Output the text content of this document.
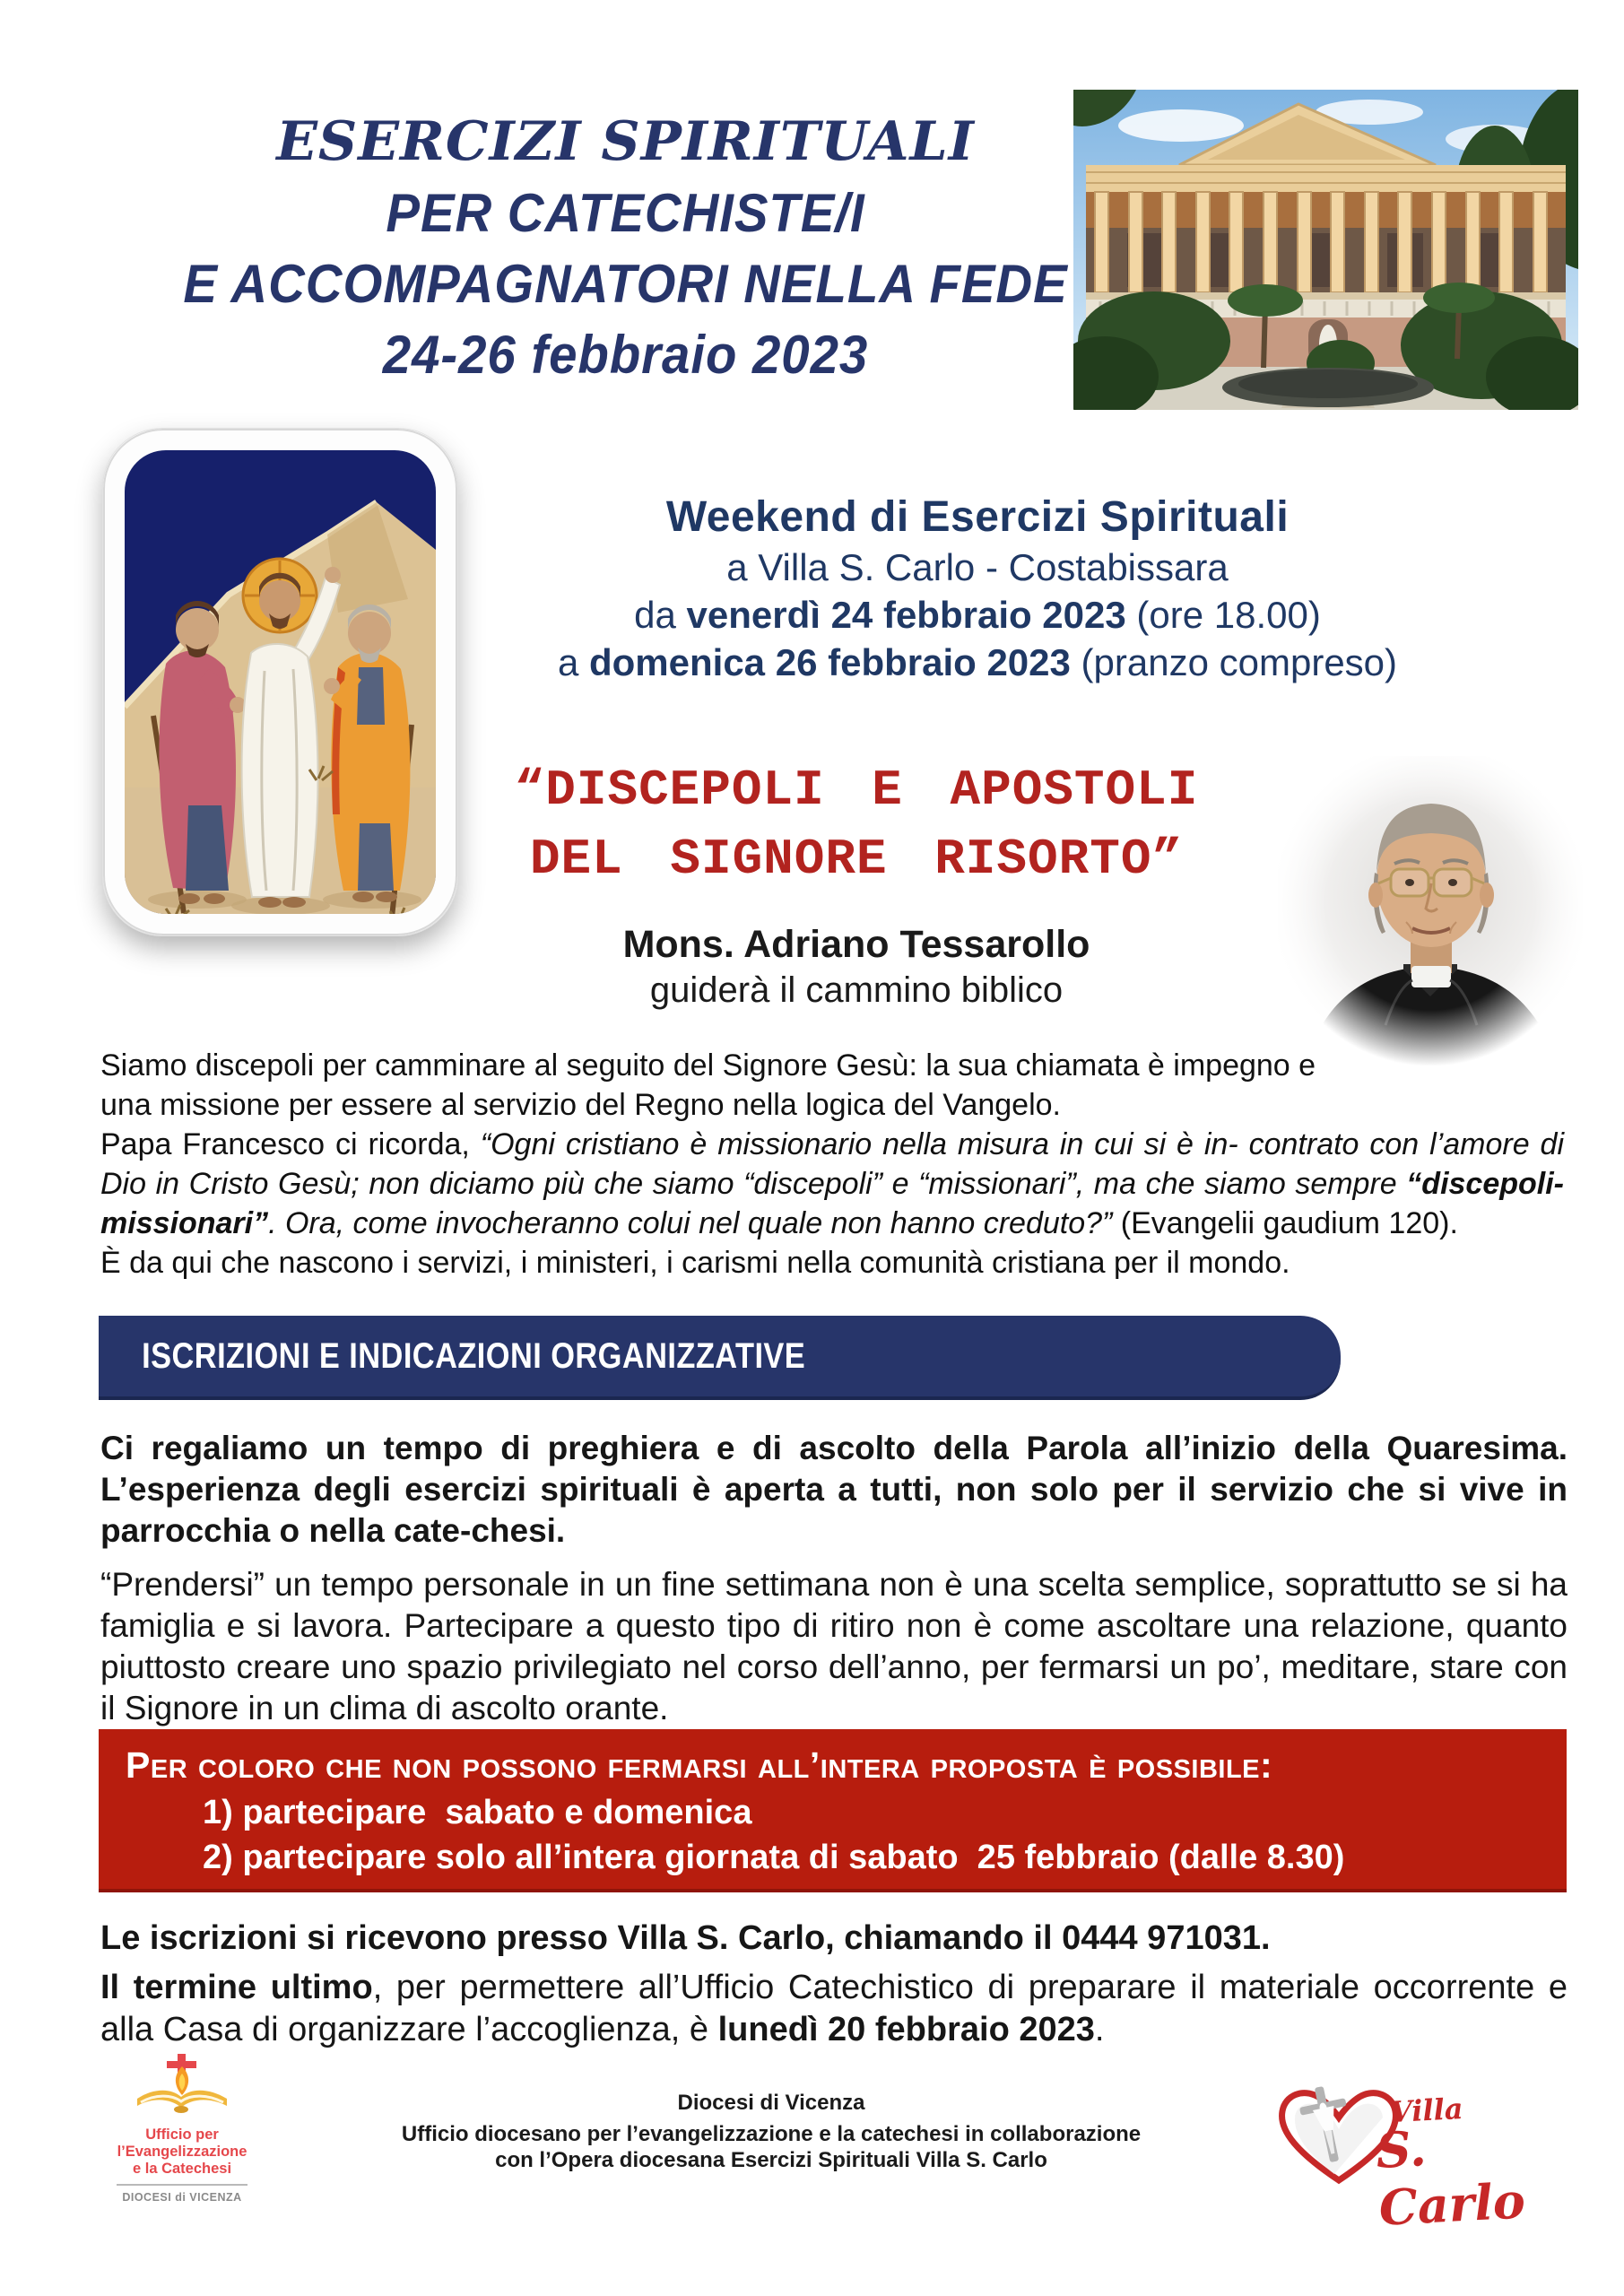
ESERCIZI SPIRITUALI
PER CATECHISTE/I
E ACCOMPAGNATORI NELLA FEDE
24-26 febbraio 2023
Weekend di Esercizi Spirituali
a Villa S. Carlo - Costabissara
da venerdì 24 febbraio 2023 (ore 18.00)
a domenica 26 febbraio 2023 (pranzo compreso)
“DISCEPOLI E APOSTOLI
DEL SIGNORE RISORTO”
Mons. Adriano Tessarollo
guiderà il cammino biblico

Siamo discepoli per camminare al seguito del Signore Gesù: la sua chiamata è impegno e

una missione per essere al servizio del Regno nella logica del Vangelo.

Papa Francesco ci ricorda, “Ogni cristiano è missionario nella misura in cui si è in- contrato con l’amore di Dio in Cristo Gesù; non diciamo più che siamo “discepoli” e “missionari”, ma che siamo sempre “discepoli-missionari”. Ora, come invocheranno colui nel quale non hanno creduto?” (Evangelii gaudium 120).

È da qui che nascono i servizi, i ministeri, i carismi nella comunità cristiana per il mondo.

ISCRIZIONI E INDICAZIONI ORGANIZZATIVE

Ci regaliamo un tempo di preghiera e di ascolto della Parola all’inizio della Quaresima. L’esperienza degli esercizi spirituali è aperta a tutti, non solo per il servizio che si vive in parrocchia o nella cate-chesi.

“Prendersi” un tempo personale in un fine settimana non è una scelta semplice, soprattutto se si ha famiglia e si lavora. Partecipare a questo tipo di ritiro non è come ascoltare una relazione, quanto piuttosto creare uno spazio privilegiato nel corso dell’anno, per fermarsi un po’, meditare, stare con il Signore in un clima di ascolto orante.

Per coloro che non possono fermarsi all’intera proposta è possibile:
1) partecipare  sabato e domenica
2) partecipare solo all’intera giornata di sabato  25 febbraio (dalle 8.30)

Le iscrizioni si ricevono presso Villa S. Carlo, chiamando il 0444 971031.

Il termine ultimo, per permettere all’Ufficio Catechistico di preparare il materiale occorrente e alla Casa di organizzare l’accoglienza, è lunedì 20 febbraio 2023.

Ufficio per l’Evangelizzazione
e la Catechesi
DIOCESI di VICENZA
Diocesi di Vicenza
Ufficio diocesano per l’evangelizzazione e la catechesi in collaborazione
con l’Opera diocesana Esercizi Spirituali Villa S. Carlo
Villa
S. Carlo
